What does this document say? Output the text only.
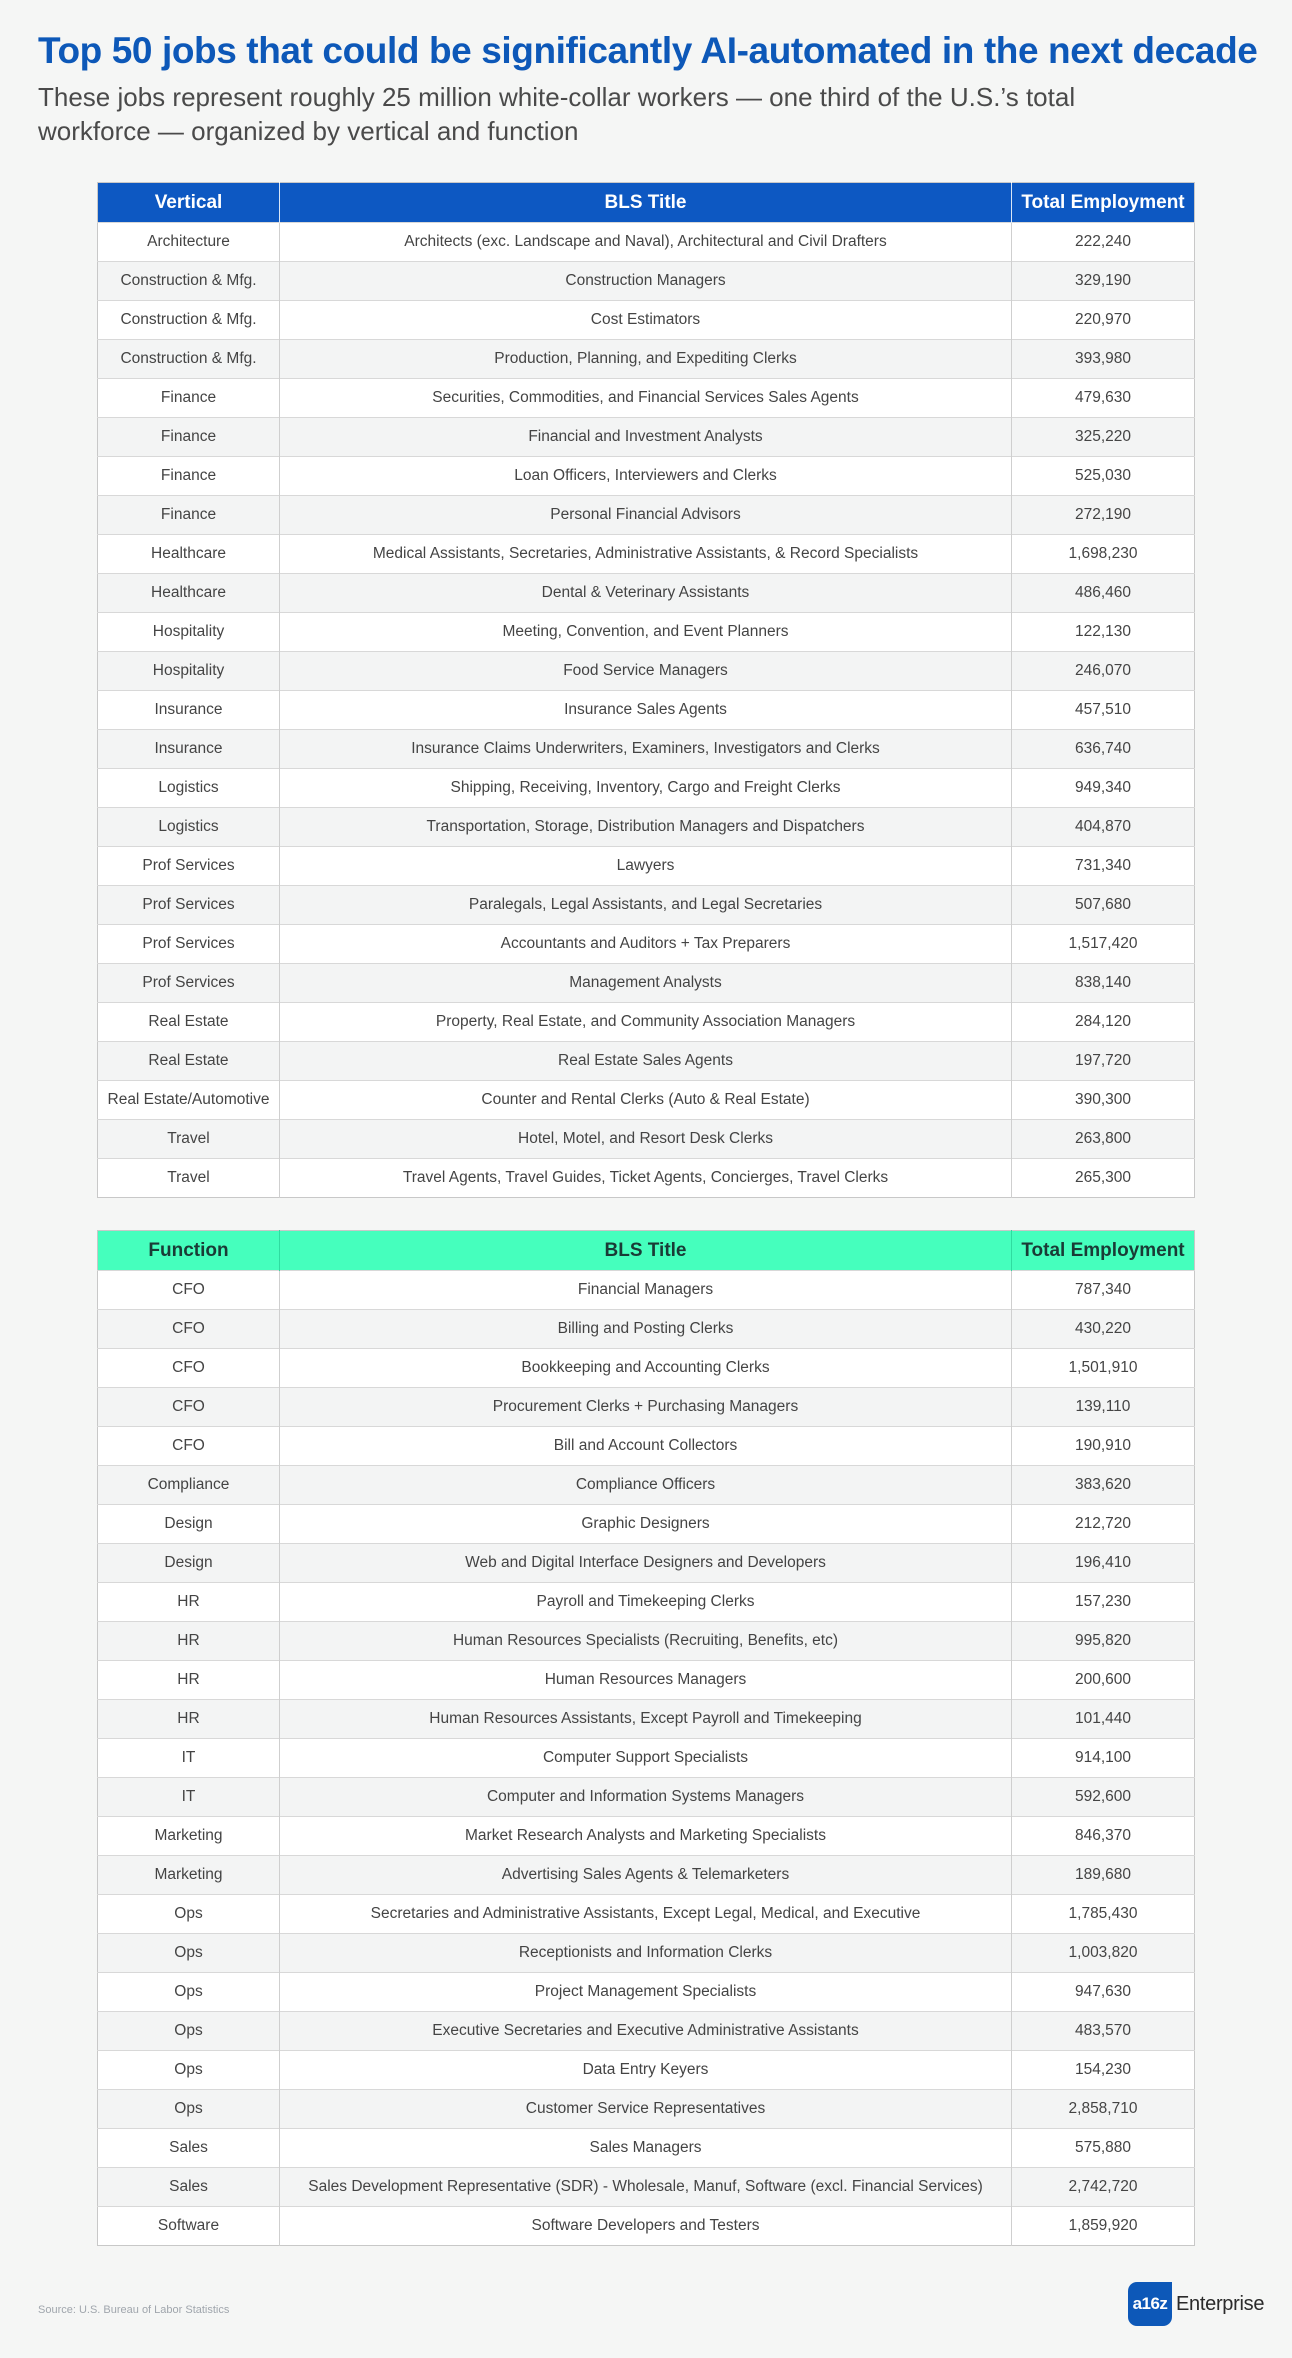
Top 50 jobs that could be significantly AI-automated in the next decade
These jobs represent roughly 25 million white-collar workers — one third of the U.S.’s total workforce — organized by vertical and function
Vertical	BLS Title	Total Employment
Architecture	Architects (exc. Landscape and Naval), Architectural and Civil Drafters	222,240
Construction & Mfg.	Construction Managers	329,190
Construction & Mfg.	Cost Estimators	220,970
Construction & Mfg.	Production, Planning, and Expediting Clerks	393,980
Finance	Securities, Commodities, and Financial Services Sales Agents	479,630
Finance	Financial and Investment Analysts	325,220
Finance	Loan Officers, Interviewers and Clerks	525,030
Finance	Personal Financial Advisors	272,190
Healthcare	Medical Assistants, Secretaries, Administrative Assistants, & Record Specialists	1,698,230
Healthcare	Dental & Veterinary Assistants	486,460
Hospitality	Meeting, Convention, and Event Planners	122,130
Hospitality	Food Service Managers	246,070
Insurance	Insurance Sales Agents	457,510
Insurance	Insurance Claims Underwriters, Examiners, Investigators and Clerks	636,740
Logistics	Shipping, Receiving, Inventory, Cargo and Freight Clerks	949,340
Logistics	Transportation, Storage, Distribution Managers and Dispatchers	404,870
Prof Services	Lawyers	731,340
Prof Services	Paralegals, Legal Assistants, and Legal Secretaries	507,680
Prof Services	Accountants and Auditors + Tax Preparers	1,517,420
Prof Services	Management Analysts	838,140
Real Estate	Property, Real Estate, and Community Association Managers	284,120
Real Estate	Real Estate Sales Agents	197,720
Real Estate/Automotive	Counter and Rental Clerks (Auto & Real Estate)	390,300
Travel	Hotel, Motel, and Resort Desk Clerks	263,800
Travel	Travel Agents, Travel Guides, Ticket Agents, Concierges, Travel Clerks	265,300
Function	BLS Title	Total Employment
CFO	Financial Managers	787,340
CFO	Billing and Posting Clerks	430,220
CFO	Bookkeeping and Accounting Clerks	1,501,910
CFO	Procurement Clerks + Purchasing Managers	139,110
CFO	Bill and Account Collectors	190,910
Compliance	Compliance Officers	383,620
Design	Graphic Designers	212,720
Design	Web and Digital Interface Designers and Developers	196,410
HR	Payroll and Timekeeping Clerks	157,230
HR	Human Resources Specialists (Recruiting, Benefits, etc)	995,820
HR	Human Resources Managers	200,600
HR	Human Resources Assistants, Except Payroll and Timekeeping	101,440
IT	Computer Support Specialists	914,100
IT	Computer and Information Systems Managers	592,600
Marketing	Market Research Analysts and Marketing Specialists	846,370
Marketing	Advertising Sales Agents & Telemarketers	189,680
Ops	Secretaries and Administrative Assistants, Except Legal, Medical, and Executive	1,785,430
Ops	Receptionists and Information Clerks	1,003,820
Ops	Project Management Specialists	947,630
Ops	Executive Secretaries and Executive Administrative Assistants	483,570
Ops	Data Entry Keyers	154,230
Ops	Customer Service Representatives	2,858,710
Sales	Sales Managers	575,880
Sales	Sales Development Representative (SDR) - Wholesale, Manuf, Software (excl. Financial Services)	2,742,720
Software	Software Developers and Testers	1,859,920
Source: U.S. Bureau of Labor Statistics	a16z Enterprise
